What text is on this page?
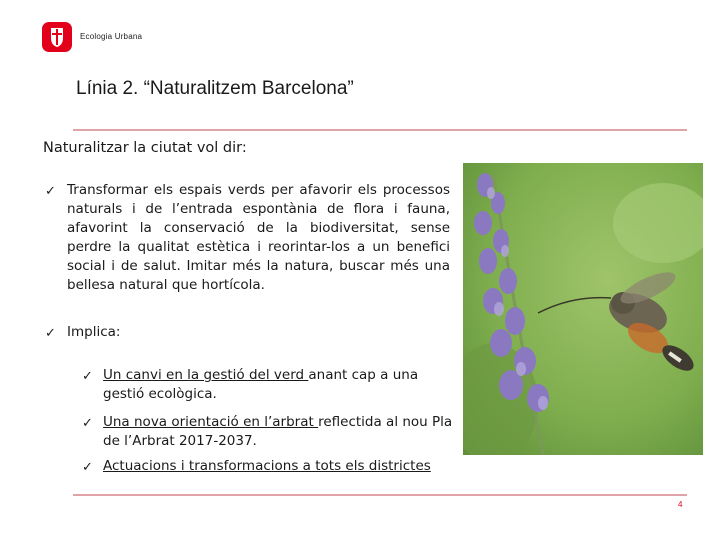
Ecologia Urbana
Línia 2. “Naturalitzem Barcelona”
Naturalitzar la ciutat vol dir:
✓ Transformar els espais verds per afavorir els processos naturals i de l’entrada espontània de flora i fauna, afavorint la conservació de la biodiversitat, sense perdre la qualitat estètica i reorintar-los a un benefici social i de salut. Imitar més la natura, buscar més una bellesa natural que hortícola.
✓ Implica:
✓ Un canvi en la gestió del verd anant cap a una gestió ecològica.
✓ Una nova orientació en l’arbrat reflectida al nou Pla de l’Arbrat 2017-2037.
✓ Actuacions i transformacions a tots els districtes
4
